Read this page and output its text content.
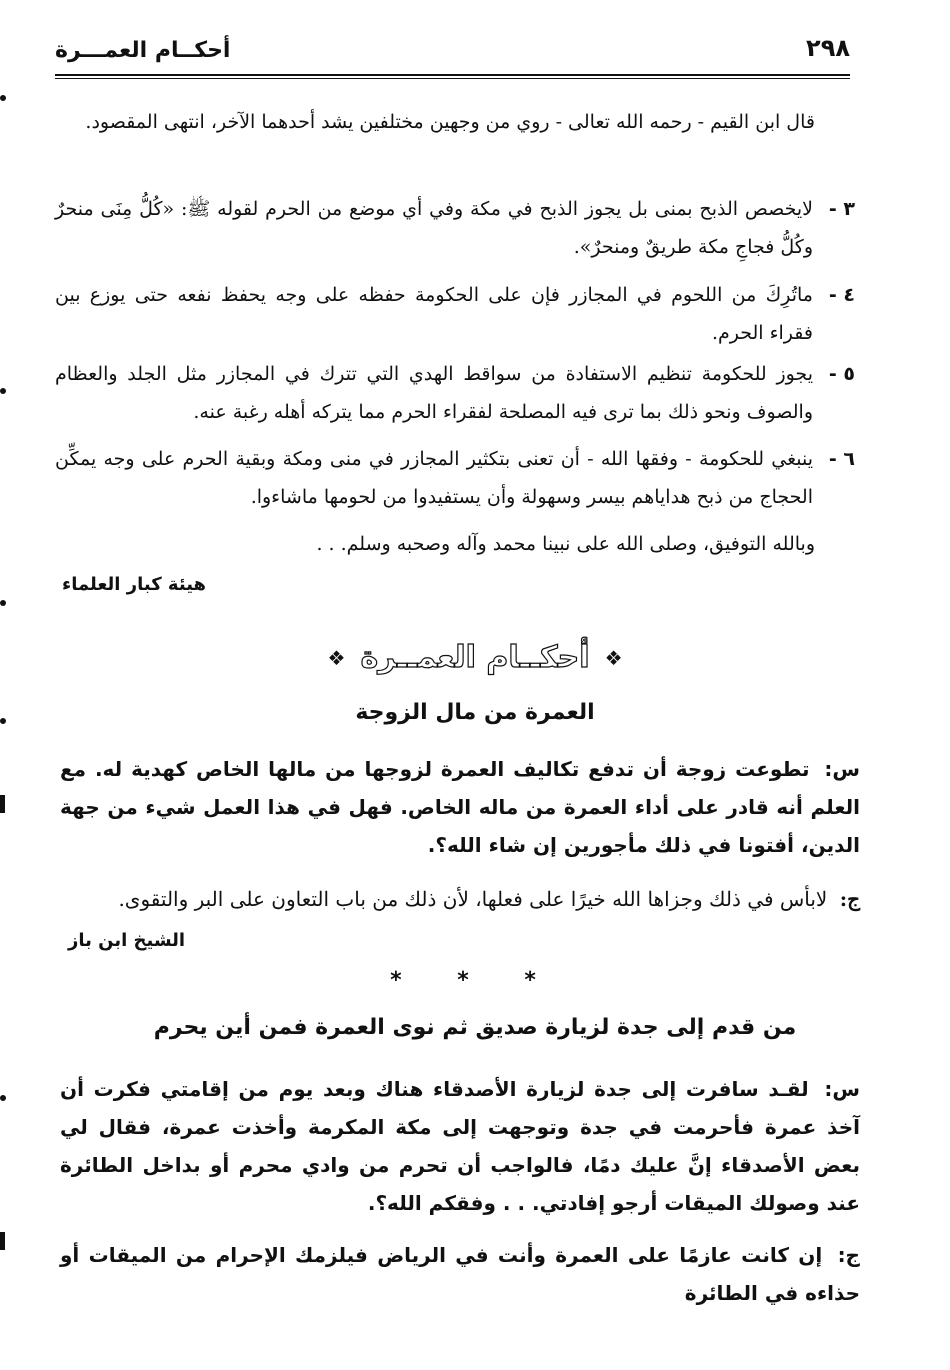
٢٩٨
أحكــام العمـــرة
قال ابن القيم - رحمه الله تعالى - روي من وجهين مختلفين يشد أحدهما الآخر، انتهى المقصود.
٣ -
لايخصص الذبح بمنى بل يجوز الذبح في مكة وفي أي موضع من الحرم لقوله ﷺ: «كُلُّ مِنَى منحرٌ وكُلُّ فجاجِ مكة طريقٌ ومنحرٌ».
٤ -
ماتُرِكَ من اللحوم في المجازر فإن على الحكومة حفظه على وجه يحفظ نفعه حتى يوزع بين فقراء الحرم.
٥ -
يجوز للحكومة تنظيم الاستفادة من سواقط الهدي التي تترك في المجازر مثل الجلد والعظام والصوف ونحو ذلك بما ترى فيه المصلحة لفقراء الحرم مما يتركه أهله رغبة عنه.
٦ -
ينبغي للحكومة - وفقها الله - أن تعنى بتكثير المجازر في منى ومكة وبقية الحرم على وجه يمكِّن الحجاج من ذبح هداياهم بيسر وسهولة وأن يستفيدوا من لحومها ماشاءوا.
وبالله التوفيق، وصلى الله على نبينا محمد وآله وصحبه وسلم. . .
هيئة كبار العلماء
❖ أحكــام العمــرة ❖
العمرة من مال الزوجة
س: تطوعت زوجة أن تدفع تكاليف العمرة لزوجها من مالها الخاص كهدية له. مع العلم أنه قادر على أداء العمرة من ماله الخاص. فهل في هذا العمل شيء من جهة الدين، أفتونا في ذلك مأجورين إن شاء الله؟.
ج: لابأس في ذلك وجزاها الله خيرًا على فعلها، لأن ذلك من باب التعاون على البر والتقوى.
الشيخ ابن باز
* * *
من قدم إلى جدة لزيارة صديق ثم نوى العمرة فمن أين يحرم
س: لقـد سافرت إلى جدة لزيارة الأصدقاء هناك وبعد يوم من إقامتي فكرت أن آخذ عمرة فأحرمت في جدة وتوجهت إلى مكة المكرمة وأخذت عمرة، فقال لي بعض الأصدقاء إنَّ عليك دمًا، فالواجب أن تحرم من وادي محرم أو بداخل الطائرة عند وصولك الميقات أرجو إفادتي. . . وفقكم الله؟.
ج: إن كانت عازمًا على العمرة وأنت في الرياض فيلزمك الإحرام من الميقات أو حذاءه في الطائرة
